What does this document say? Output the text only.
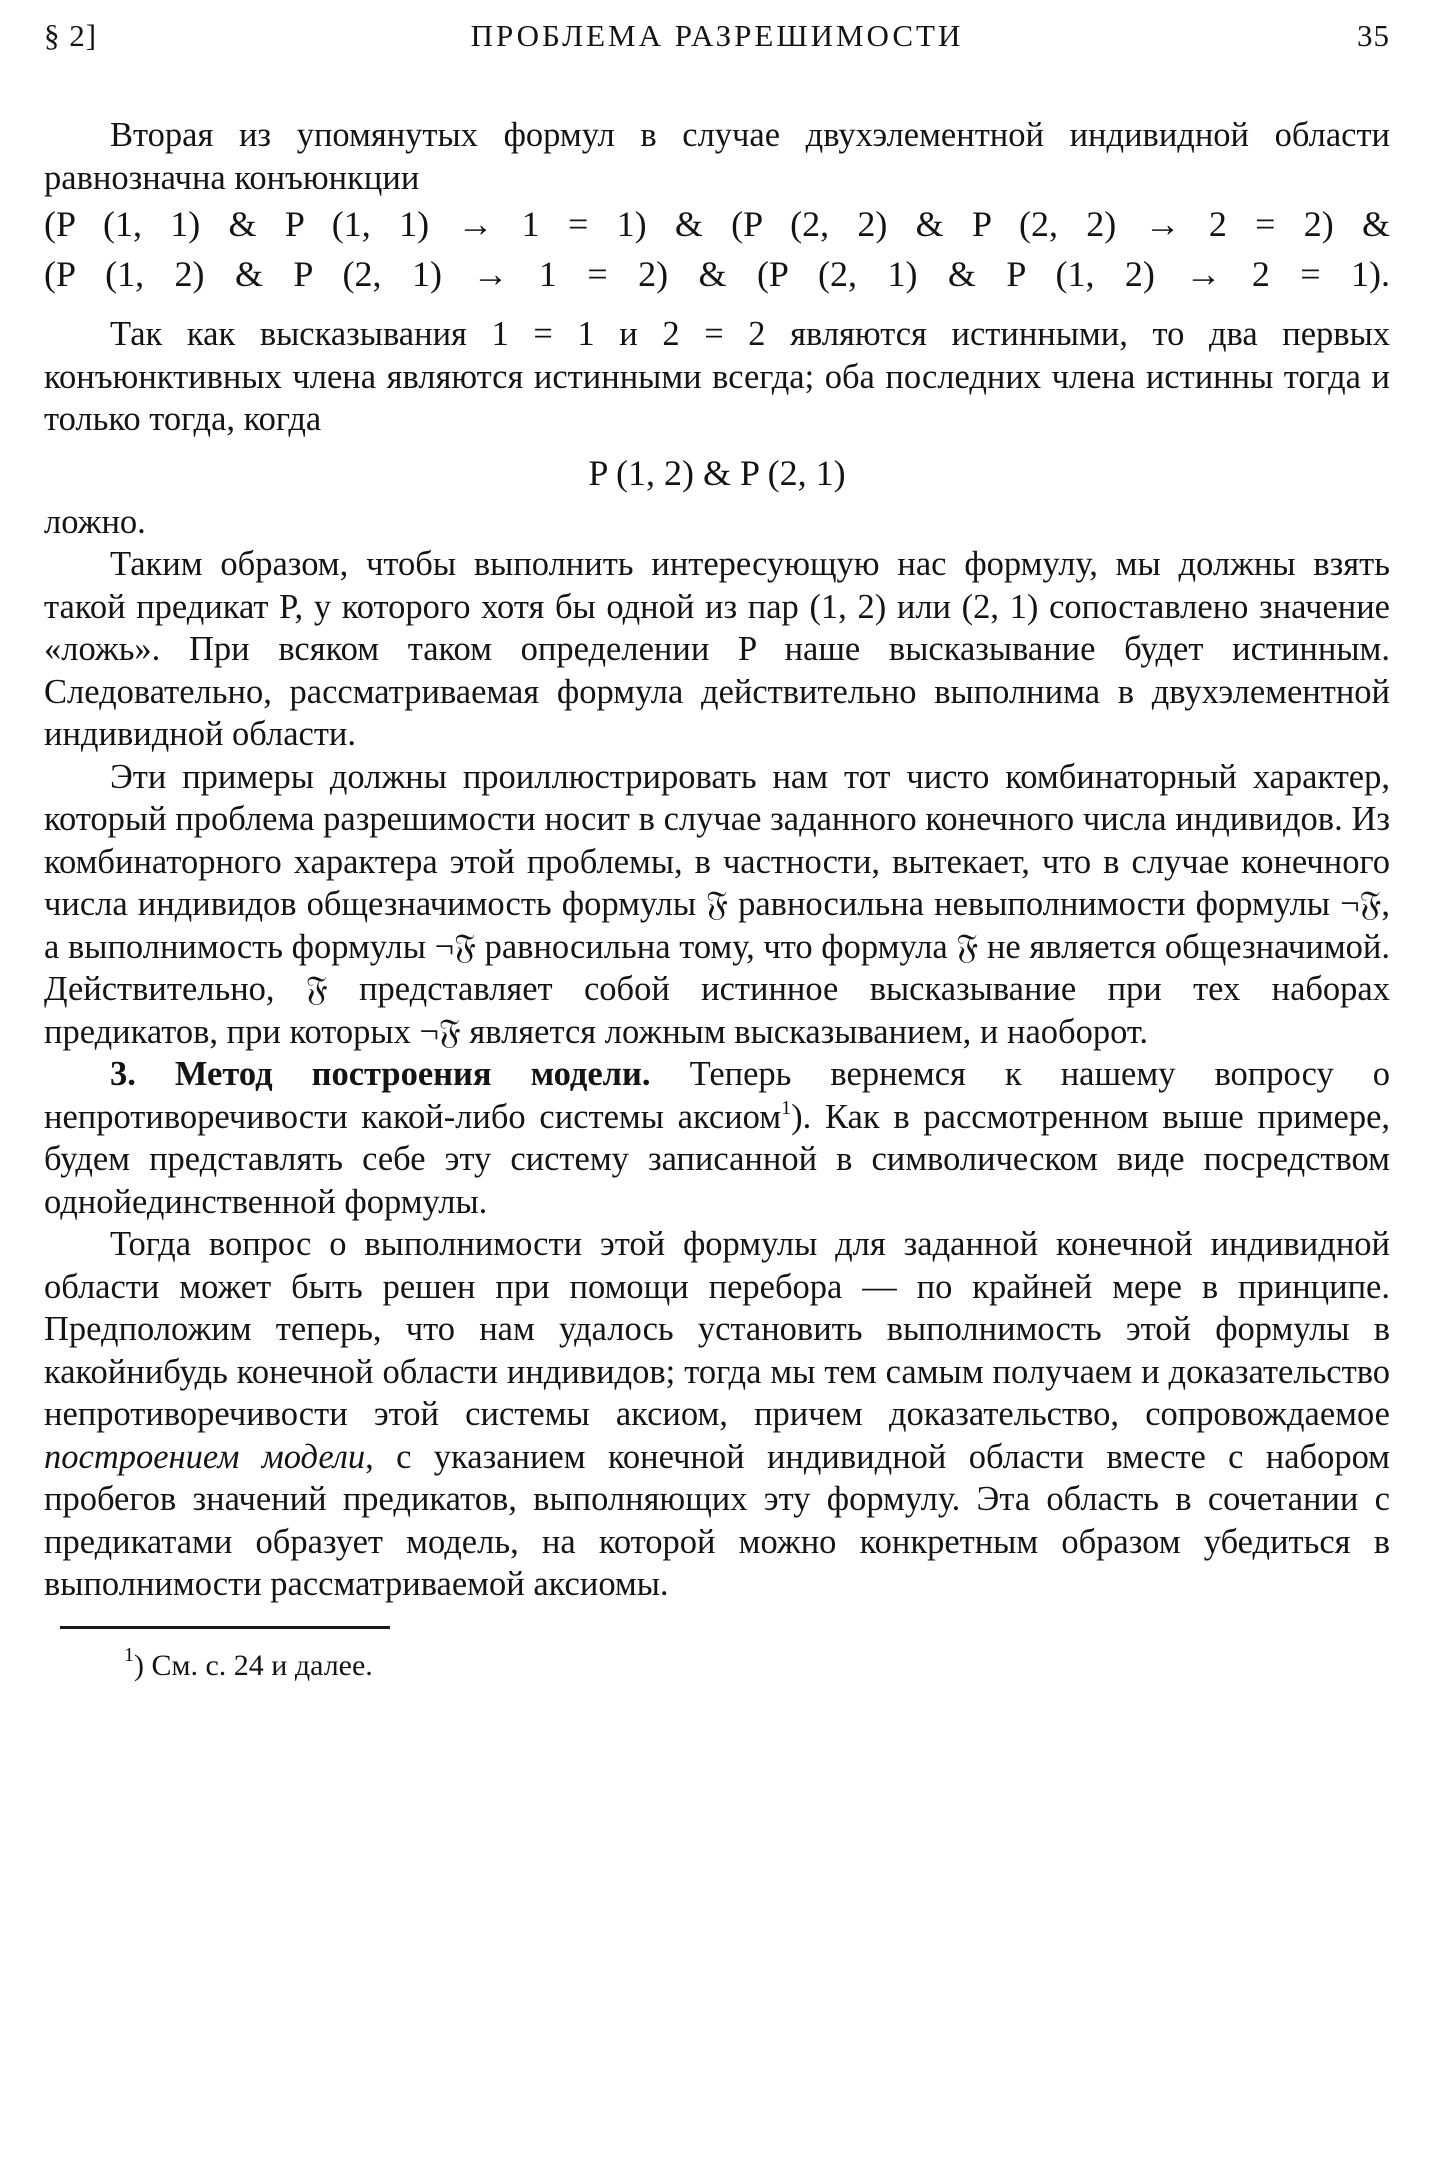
§ 2]	ПРОБЛЕМА РАЗРЕШИМОСТИ	35

Вторая из упомянутых формул в случае двухэлементной индивидной области равнозначна конъюнкции

(P (1, 1) & P (1, 1) → 1 = 1) & (P (2, 2) & P (2, 2) → 2 = 2) &
(P (1, 2) & P (2, 1) → 1 = 2) & (P (2, 1) & P (1, 2) → 2 = 1).

Так как высказывания 1 = 1 и 2 = 2 являются истинными, то два первых конъюнктивных члена являются истинными всегда; оба последних члена истинны тогда и только тогда, когда

P (1, 2) & P (2, 1)

ложно.

Таким образом, чтобы выполнить интересующую нас формулу, мы должны взять такой предикат P, у которого хотя бы одной из пар (1, 2) или (2, 1) сопоставлено значение «ложь». При всяком таком определении P наше высказывание будет истинным. Следовательно, рассматриваемая формула действительно выполнима в двухэлементной индивидной области.

Эти примеры должны проиллюстрировать нам тот чисто комбинаторный характер, который проблема разрешимости носит в случае заданного конечного числа индивидов. Из комбинаторного характера этой проблемы, в частности, вытекает, что в случае конечного числа индивидов общезначимость формулы 𝔉 равносильна невыполнимости формулы ¬𝔉, а выполнимость формулы ¬𝔉 равносильна тому, что формула 𝔉 не является общезначимой. Действительно, 𝔉 представляет собой истинное высказывание при тех наборах предикатов, при которых ¬𝔉 является ложным высказыванием, и наоборот.

3. Метод построения модели. Теперь вернемся к нашему вопросу о непротиворечивости какой-либо системы аксиом$^1$). Как в рассмотренном выше примере, будем представлять себе эту систему записанной в символическом виде посредством однойединственной формулы.

Тогда вопрос о выполнимости этой формулы для заданной конечной индивидной области может быть решен при помощи перебора — по крайней мере в принципе. Предположим теперь, что нам удалось установить выполнимость этой формулы в какойнибудь конечной области индивидов; тогда мы тем самым получаем и доказательство непротиворечивости этой системы аксиом, причем доказательство, сопровождаемое построением модели, с указанием конечной индивидной области вместе с набором пробегов значений предикатов, выполняющих эту формулу. Эта область в сочетании с предикатами образует модель, на которой можно конкретным образом убедиться в выполнимости рассматриваемой аксиомы.

$^1$) См. с. 24 и далее.
